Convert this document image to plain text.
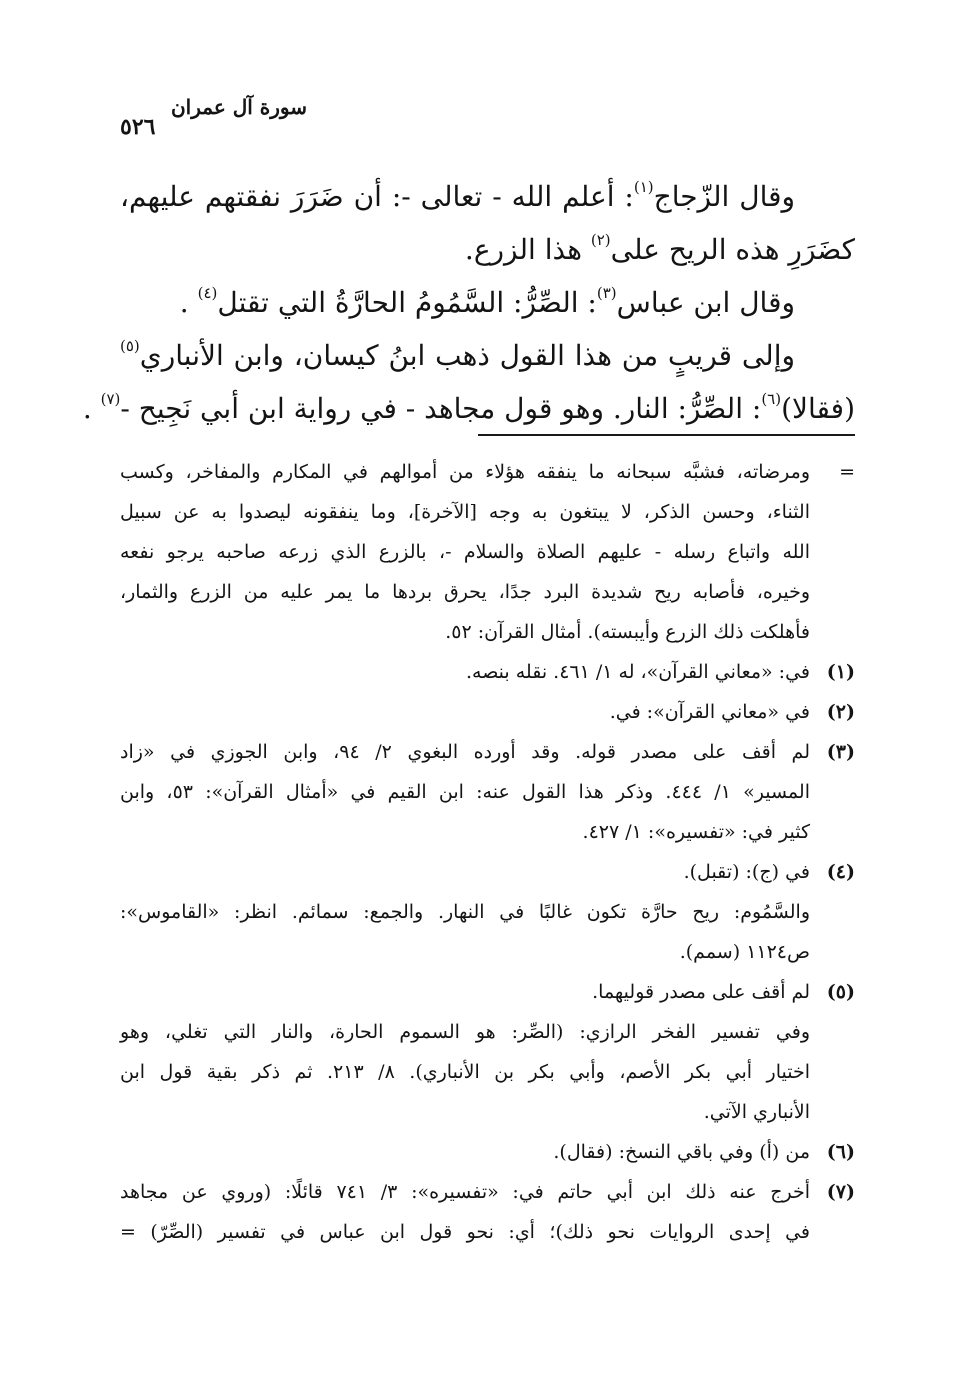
سورة آل عمران
٥٢٦
وقال الزّجاج$^{(١)}$: أعلم الله - تعالى -: أن ضَرَرَ نفقتهم عليهم،
كضَرَرِ هذه الريح على$^{(٢)}$ هذا الزرع.
وقال ابن عباس$^{(٣)}$: الصِّرُّ: السَّمُومُ الحارَّةُ التي تقتل$^{(٤)}$ .
وإلى قريبٍ من هذا القول ذهب ابنُ كيسان، وابن الأنباري$^{(٥)}$
(فقالا)$^{(٦)}$: الصِّرُّ: النار. وهو قول مجاهد - في رواية ابن أبي نَجِيح -$^{(٧)}$ .
=
ومرضاته، فشبَّه سبحانه ما ينفقه هؤلاء من أموالهم في المكارم والمفاخر، وكسب
الثناء، وحسن الذكر، لا يبتغون به وجه [الآخرة]، وما ينفقونه ليصدوا به عن سبيل
الله واتباع رسله - عليهم الصلاة والسلام -، بالزرع الذي زرعه صاحبه يرجو نفعه
وخيره، فأصابه ريح شديدة البرد جدًا، يحرق بردها ما يمر عليه من الزرع والثمار،
فأهلكت ذلك الزرع وأيبسته). أمثال القرآن: ٥٢.
(١)
في: «معاني القرآن»، له ١/ ٤٦١. نقله بنصه.
(٢)
في «معاني القرآن»: في.
(٣)
لم أقف على مصدر قوله. وقد أورده البغوي ٢/ ٩٤، وابن الجوزي في «زاد
المسير» ١/ ٤٤٤. وذكر هذا القول عنه: ابن القيم في «أمثال القرآن»: ٥٣، وابن
كثير في: «تفسيره»: ١/ ٤٢٧.
(٤)
في (ج): (تقبل).
والسَّمُوم: ريح حارَّة تكون غالبًا في النهار. والجمع: سمائم. انظر: «القاموس»:
ص١١٢٤ (سمم).
(٥)
لم أقف على مصدر قوليهما.
وفي تفسير الفخر الرازي: (الصِّر: هو السموم الحارة، والنار التي تغلي، وهو
اختيار أبي بكر الأصم، وأبي بكر بن الأنباري). ٨/ ٢١٣. ثم ذكر بقية قول ابن
الأنباري الآتي.
(٦)
من (أ) وفي باقي النسخ: (فقال).
(٧)
أخرج عنه ذلك ابن أبي حاتم في: «تفسيره»: ٣/ ٧٤١ قائلًا: (وروي عن مجاهد
في إحدى الروايات نحو ذلك)؛ أي: نحو قول ابن عباس في تفسير (الصِّرّ) =
